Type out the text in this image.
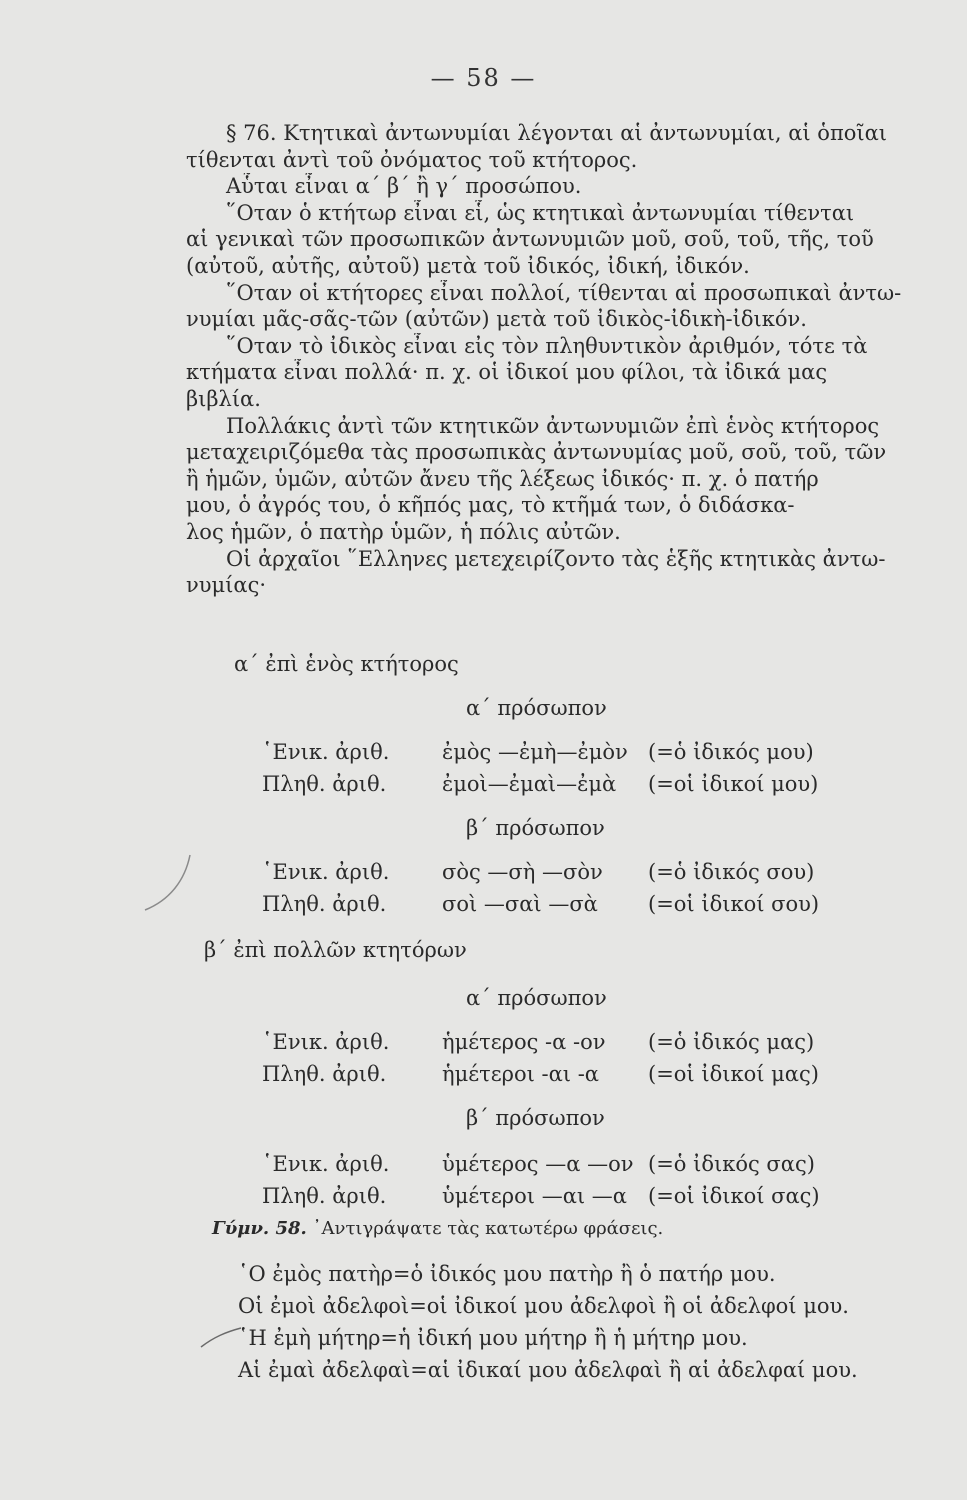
— 58 —
§ 76. Κτητικαὶ ἀντωνυμίαι λέγονται αἱ ἀντωνυμίαι, αἱ ὁποῖαι
τίθενται ἀντὶ τοῦ ὀνόματος τοῦ κτήτορος.
Αὗται εἶναι α΄ β΄ ἢ γ΄ προσώπου.
῞Οταν ὁ κτήτωρ εἶναι εἷ, ὡς κτητικαὶ ἀντωνυμίαι τίθενται
αἱ γενικαὶ τῶν προσωπικῶν ἀντωνυμιῶν μοῦ, σοῦ, τοῦ, τῆς, τοῦ
(αὐτοῦ, αὐτῆς, αὐτοῦ) μετὰ τοῦ ἰδικός, ἰδική, ἰδικόν.
῞Οταν οἱ κτήτορες εἶναι πολλοί, τίθενται αἱ προσωπικαὶ ἀντω-
νυμίαι μᾶς-σᾶς-τῶν (αὐτῶν) μετὰ τοῦ ἰδικὸς-ἰδικὴ-ἰδικόν.
῞Οταν τὸ ἰδικὸς εἶναι εἰς τὸν πληθυντικὸν ἀριθμόν, τότε τὰ
κτήματα εἶναι πολλά· π. χ. οἱ ἰδικοί μου φίλοι, τὰ ἰδικά μας
βιβλία.
Πολλάκις ἀντὶ τῶν κτητικῶν ἀντωνυμιῶν ἐπὶ ἑνὸς κτήτορος
μεταχειριζόμεθα τὰς προσωπικὰς ἀντωνυμίας μοῦ, σοῦ, τοῦ, τῶν
ἢ ἡμῶν, ὑμῶν, αὐτῶν ἄνευ τῆς λέξεως ἰδικός· π. χ. ὁ πατήρ
μου, ὁ ἀγρός του, ὁ κῆπός μας, τὸ κτῆμά των, ὁ διδάσκα-
λος ἡμῶν, ὁ πατὴρ ὑμῶν, ἡ πόλις αὐτῶν.
Οἱ ἀρχαῖοι ῞Ελληνες μετεχειρίζοντο τὰς ἑξῆς κτητικὰς ἀντω-
νυμίας·
α΄ ἐπὶ ἑνὸς κτήτορος
α΄ πρόσωπον
῾Ενικ. ἀριθ.	ἐμὸς —ἐμὴ—ἐμὸν (=ὁ ἰδικός μου)
Πληθ. ἀριθ.	ἐμοὶ—ἐμαὶ—ἐμὰ (=οἱ ἰδικοί μου)
β΄ πρόσωπον
῾Ενικ. ἀριθ.	σὸς —σὴ —σὸν (=ὁ ἰδικός σου)
Πληθ. ἀριθ.	σοὶ —σαὶ —σὰ (=οἱ ἰδικοί σου)
β΄ ἐπὶ πολλῶν κτητόρων
α΄ πρόσωπον
῾Ενικ. ἀριθ.	ἡμέτερος -α -ον (=ὁ ἰδικός μας)
Πληθ. ἀριθ.	ἡμέτεροι -αι -α (=οἱ ἰδικοί μας)
β΄ πρόσωπον
῾Ενικ. ἀριθ.	ὑμέτερος —α —ον (=ὁ ἰδικός σας)
Πληθ. ἀριθ.	ὑμέτεροι —αι —α (=οἱ ἰδικοί σας)
Γύμν. 58. ᾿Αντιγράψατε τὰς κατωτέρω φράσεις.
῾Ο ἐμὸς πατὴρ=ὁ ἰδικός μου πατὴρ ἢ ὁ πατήρ μου.
Οἱ ἐμοὶ ἀδελφοὶ=οἱ ἰδικοί μου ἀδελφοὶ ἢ οἱ ἀδελφοί μου.
῾Η ἐμὴ μήτηρ=ἡ ἰδική μου μήτηρ ἢ ἡ μήτηρ μου.
Αἱ ἐμαὶ ἀδελφαὶ=αἱ ἰδικαί μου ἀδελφαὶ ἢ αἱ ἀδελφαί μου.
